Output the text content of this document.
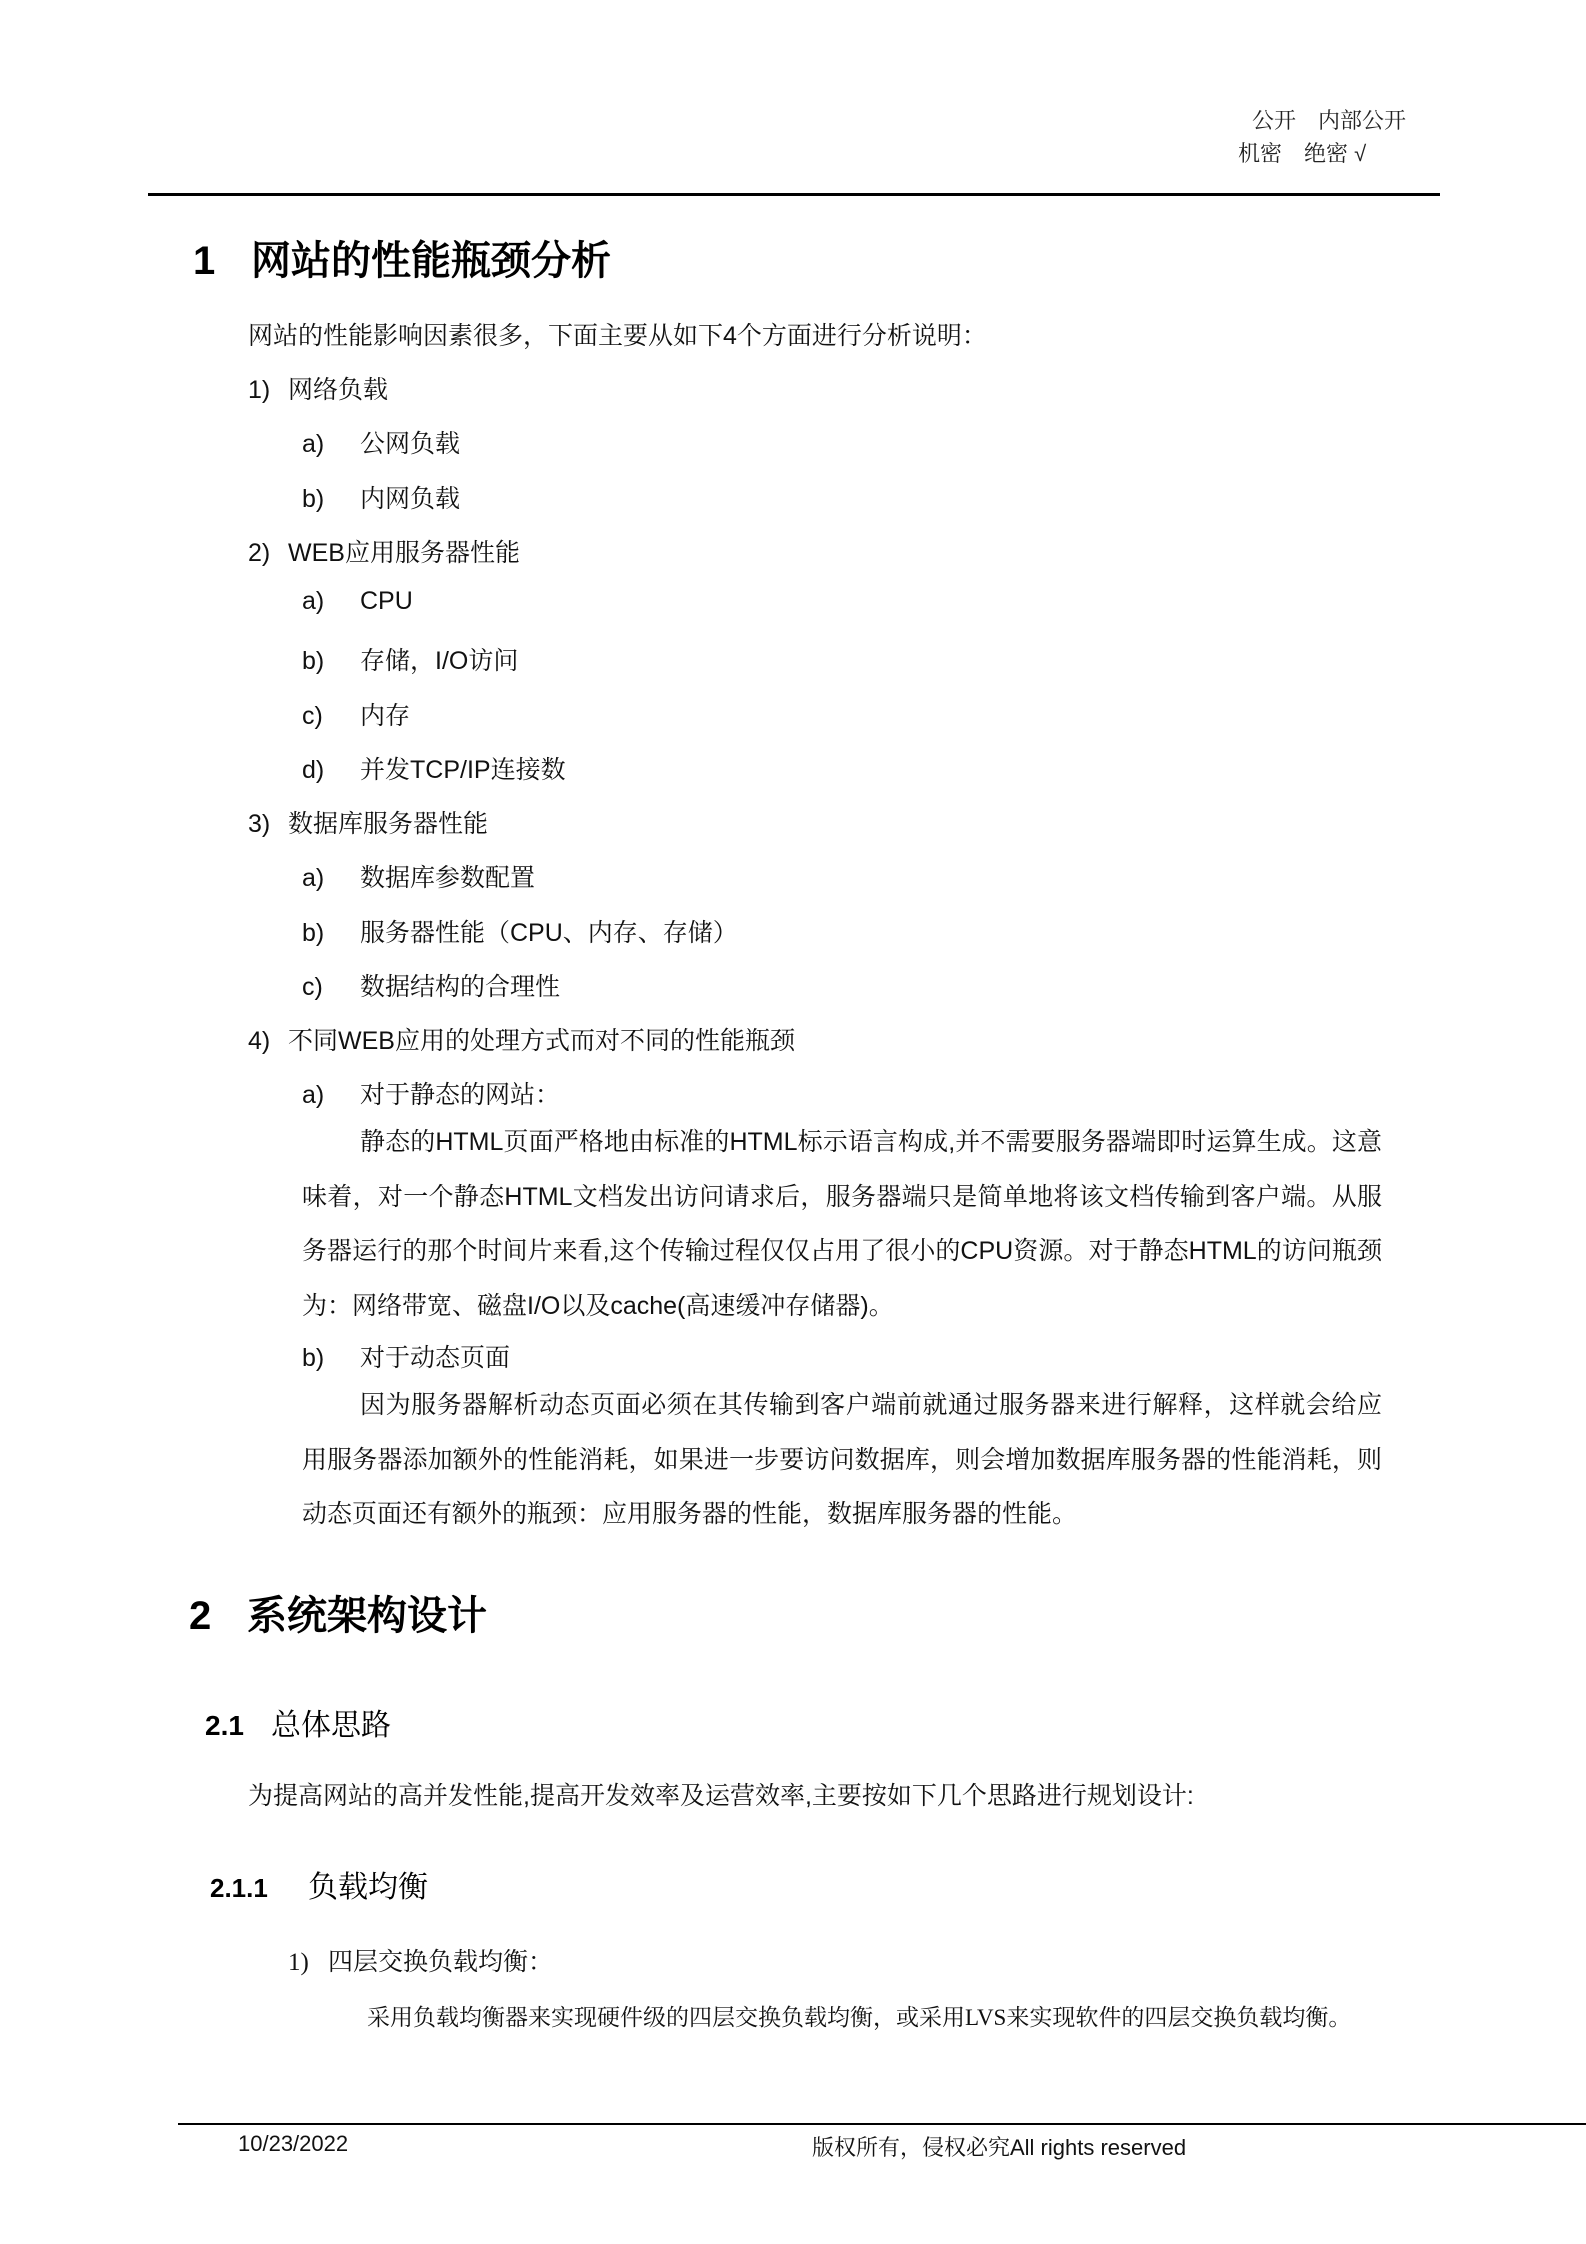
公开　内部公开
机密　绝密 √
1 网站的性能瓶颈分析
网站的性能影响因素很多，下面主要从如下4个方面进行分析说明：
1) 网络负载
a) 公网负载
b) 内网负载
2) WEB应用服务器性能
a) CPU
b) 存储，I/O访问
c) 内存
d) 并发TCP/IP连接数
3) 数据库服务器性能
a) 数据库参数配置
b) 服务器性能（CPU、内存、存储）
c) 数据结构的合理性
4) 不同WEB应用的处理方式而对不同的性能瓶颈
a) 对于静态的网站：
静态的HTML页面严格地由标准的HTML标示语言构成,并不需要服务器端即时运算生成。这意味着，对一个静态HTML文档发出访问请求后，服务器端只是简单地将该文档传输到客户端。从服务器运行的那个时间片来看,这个传输过程仅仅占用了很小的CPU资源。对于静态HTML的访问瓶颈为：网络带宽、磁盘I/O以及cache(高速缓冲存储器)。
b) 对于动态页面
因为服务器解析动态页面必须在其传输到客户端前就通过服务器来进行解释，这样就会给应用服务器添加额外的性能消耗，如果进一步要访问数据库，则会增加数据库服务器的性能消耗，则动态页面还有额外的瓶颈：应用服务器的性能，数据库服务器的性能。
2 系统架构设计
2.1 总体思路
为提高网站的高并发性能,提高开发效率及运营效率,主要按如下几个思路进行规划设计:
2.1.1 负载均衡
1) 四层交换负载均衡：
采用负载均衡器来实现硬件级的四层交换负载均衡，或采用LVS来实现软件的四层交换负载均衡。
10/23/2022	版权所有，侵权必究All rights reserved
